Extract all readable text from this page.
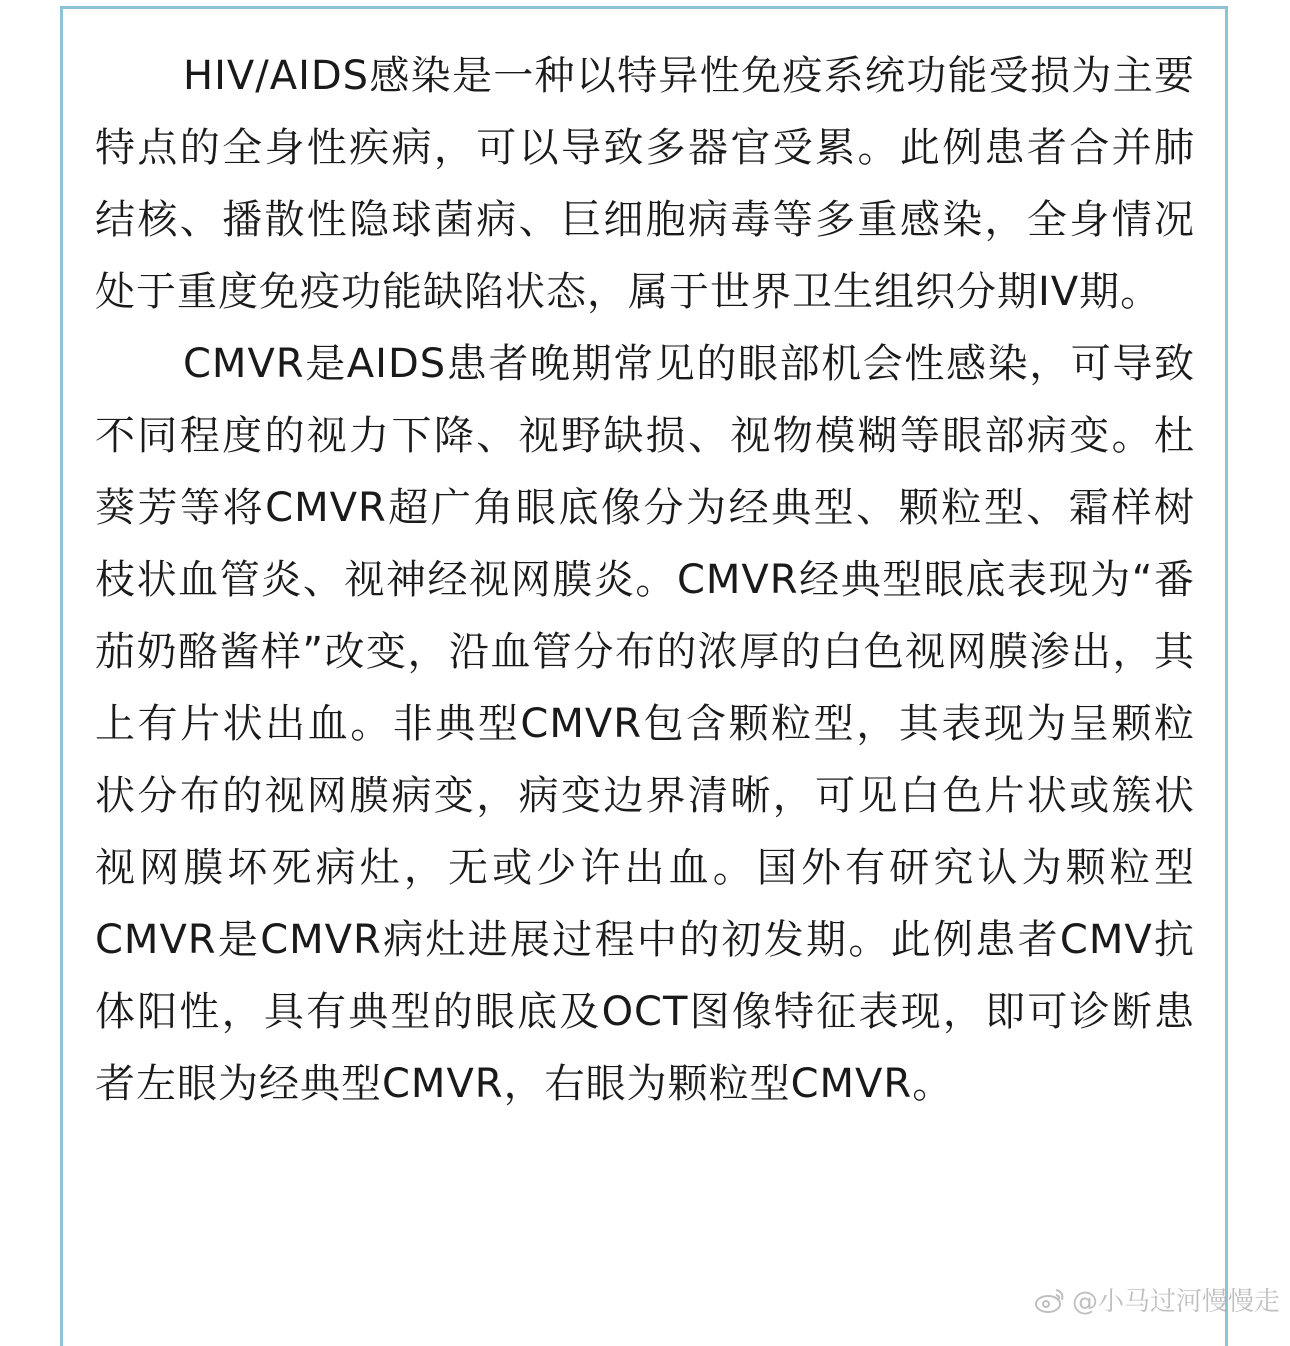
HIV/AIDS感染是一种以特异性免疫系统功能受损为主要特点的全身性疾病，可以导致多器官受累。此例患者合并肺结核、播散性隐球菌病、巨细胞病毒等多重感染，全身情况处于重度免疫功能缺陷状态，属于世界卫生组织分期IV期。

CMVR是AIDS患者晚期常见的眼部机会性感染，可导致不同程度的视力下降、视野缺损、视物模糊等眼部病变。杜葵芳等将CMVR超广角眼底像分为经典型、颗粒型、霜样树枝状血管炎、视神经视网膜炎。CMVR经典型眼底表现为“番茄奶酪酱样”改变，沿血管分布的浓厚的白色视网膜渗出，其上有片状出血。非典型CMVR包含颗粒型，其表现为呈颗粒状分布的视网膜病变，病变边界清晰，可见白色片状或簇状视网膜坏死病灶，无或少许出血。国外有研究认为颗粒型CMVR是CMVR病灶进展过程中的初发期。此例患者CMV抗体阳性，具有典型的眼底及OCT图像特征表现，即可诊断患者左眼为经典型CMVR，右眼为颗粒型CMVR。

@小马过河慢慢走
